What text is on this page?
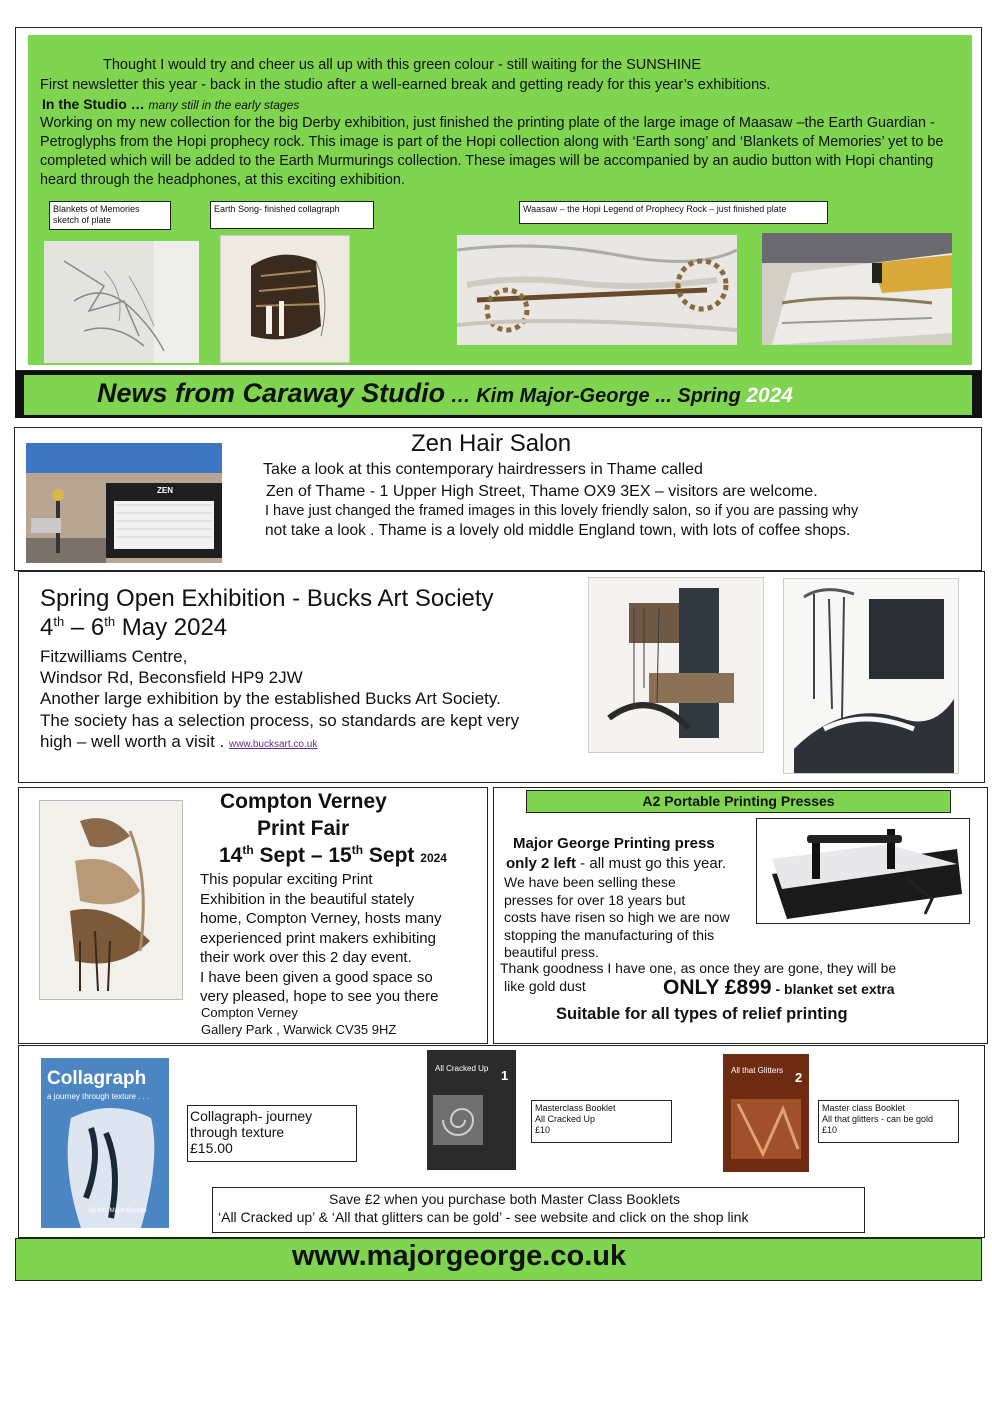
Thought I would try and cheer us all up with this green colour - still waiting for the SUNSHINE

First newsletter this year - back in the studio after a well-earned break and getting ready for this year’s exhibitions.

In the Studio … many still in the early stages

Working on my new collection for the big Derby exhibition, just finished the printing plate of the large image of Maasaw –the Earth Guardian - Petroglyphs from the Hopi prophecy rock. This image is part of the Hopi collection along with ‘Earth song’ and ‘Blankets of Memories’ yet to be completed which will be added to the Earth Murmurings collection. These images will be accompanied by an audio button with Hopi chanting heard through the headphones, at this exciting exhibition.

Blankets of Memories
sketch of plate
Earth Song- finished collagraph	Waasaw – the Hopi Legend of Prophecy Rock – just finished plate

News from Caraway Studio … Kim Major-George ... Spring 2024

ZEN

Zen Hair Salon

Take a look at this contemporary hairdressers in Thame called

Zen of Thame - 1 Upper High Street, Thame OX9 3EX – visitors are welcome.

I have just changed the framed images in this lovely friendly salon, so if you are passing why

not take a look . Thame is a lovely old middle England town, with lots of coffee shops.

Spring Open Exhibition - Bucks Art Society

4th – 6th May 2024

Fitzwilliams Centre,

Windsor Rd, Beconsfield HP9 2JW

Another large exhibition by the established Bucks Art Society.

The society has a selection process, so standards are kept very

high – well worth a visit . www.bucksart.co.uk

Compton Verney

Print Fair

14th Sept – 15th Sept 2024

This popular exciting Print
Exhibition in the beautiful stately
home, Compton Verney, hosts many
experienced print makers exhibiting
their work over this 2 day event.
I have been given a good space so
very pleased, hope to see you there
Compton Verney
Gallery Park , Warwick CV35 9HZ
A2 Portable Printing Presses

Major George Printing press

only 2 left - all must go this year.

We have been selling these
presses for over 18 years but
costs have risen so high we are now
stopping the manufacturing of this
beautiful press.

Thank goodness I have one, as once they are gone, they will be

like gold dust	ONLY £899 - blanket set extra

Suitable for all types of relief printing

Collagraph
a journey through texture . . .
By Kim Major-George
Collagraph- journey
through texture
£15.00
All Cracked Up 1
Masterclass Booklet
All Cracked Up
£10
All that Glitters 2
Master class Booklet
All that glitters - can be gold
£10
Save £2 when you purchase both Master Class Booklets
‘All Cracked up’ & ‘All that glitters can be gold’ - see website and click on the shop link
www.majorgeorge.co.uk
